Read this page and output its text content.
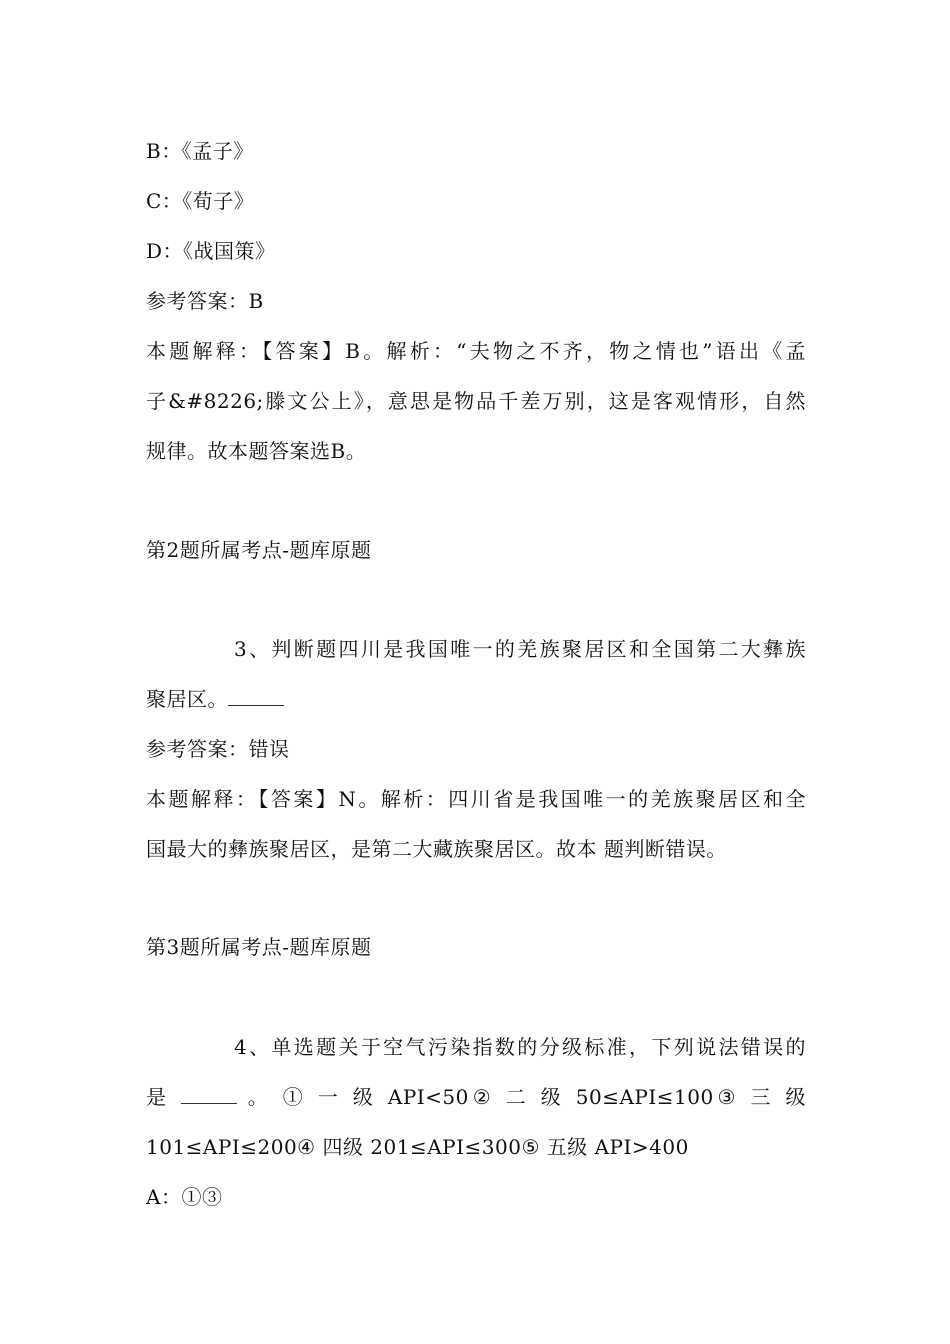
B：《孟子》
C：《荀子》
D：《战国策》
参考答案：B
本题解释：【答案】B。解析：“夫物之不齐，物之情也”语出《孟
子&#8226;滕文公上》，意思是物品千差万别，这是客观情形，自然
规律。故本题答案选B。
第2题所属考点-题库原题
3、判断题四川是我国唯一的羌族聚居区和全国第二大彝族
聚居区。
参考答案：错误
本题解释：【答案】N。解析：四川省是我国唯一的羌族聚居区和全
国最大的彝族聚居区，是第二大藏族聚居区。故本 题判断错误。
第3题所属考点-题库原题
4、单选题关于空气污染指数的分级标准，下列说法错误的
是	。 ① 一 级 API<50② 二 级 50≤API≤100③ 三 级
101≤API≤200④ 四级 201≤API≤300⑤ 五级 API>400
A：①③
